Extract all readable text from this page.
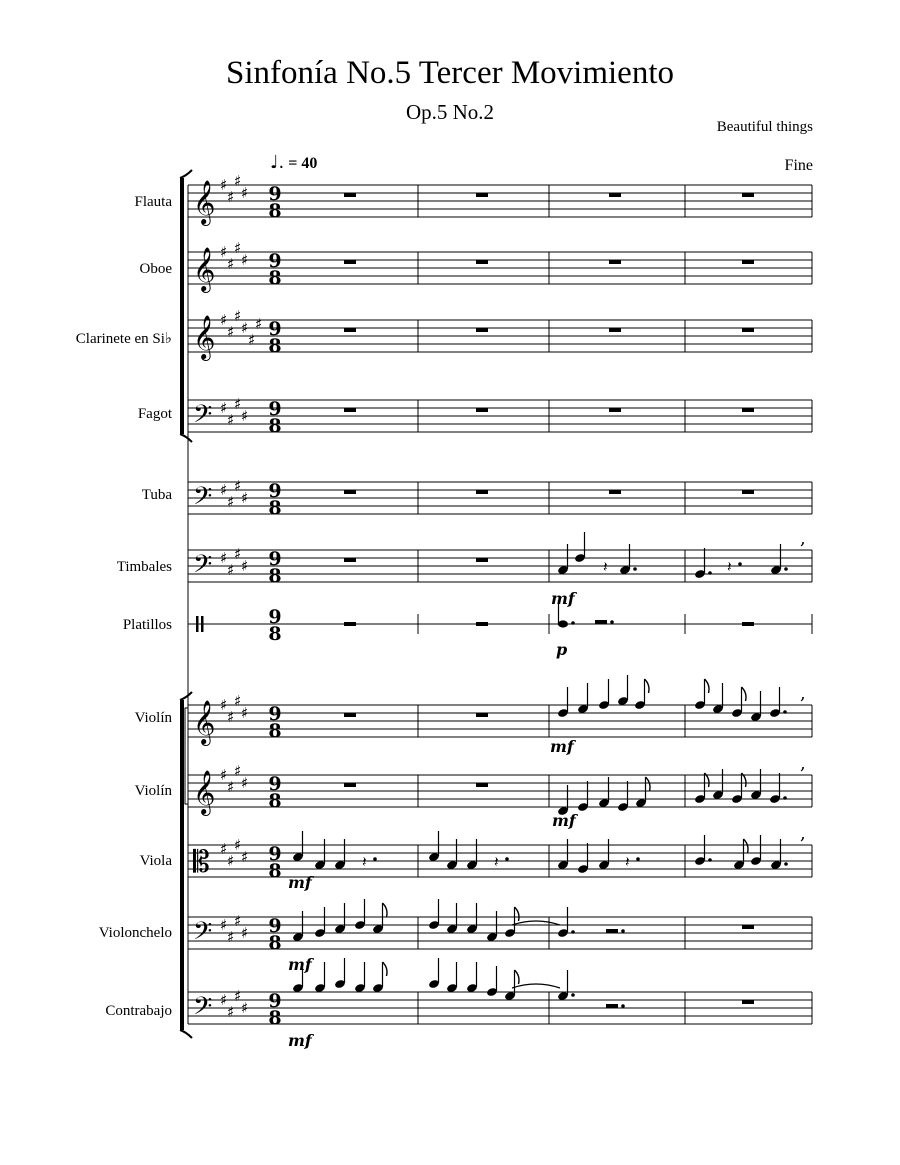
Sinfonía No.5 Tercer Movimiento
Op.5 No.2
Beautiful things
Fine
♩. = 40
Flauta
Oboe
Clarinete en Si♭
Fagot
Tuba
Timbales
Platillos
Violín
Violín
Viola
Violonchelo
Contrabajo
𝄞 ♯
♯
♯
♯ 9
8
𝄞 ♯
♯
♯
♯ 9
8
𝄞 ♯
♯
♯
♯
♯
♯ 9
8
𝄢 ♯
♯
♯
♯ 9
8
𝄢 ♯
♯
♯
♯ 9
8
𝄢 ♯
♯
♯
♯ 9
8
9
8
𝄞 ♯
♯
♯
♯ 9
8
𝄞 ♯
♯
♯
♯ 9
8
𝄡 ♯
♯
♯
♯ 9
8
𝄢 ♯
♯
♯
♯ 9
8
𝄢 ♯
♯
♯
♯ 9
8
𝄽	𝄽
,
,
,
𝄽	𝄽	𝄽
,
mf
p
mf
mf
mf
mf
mf
